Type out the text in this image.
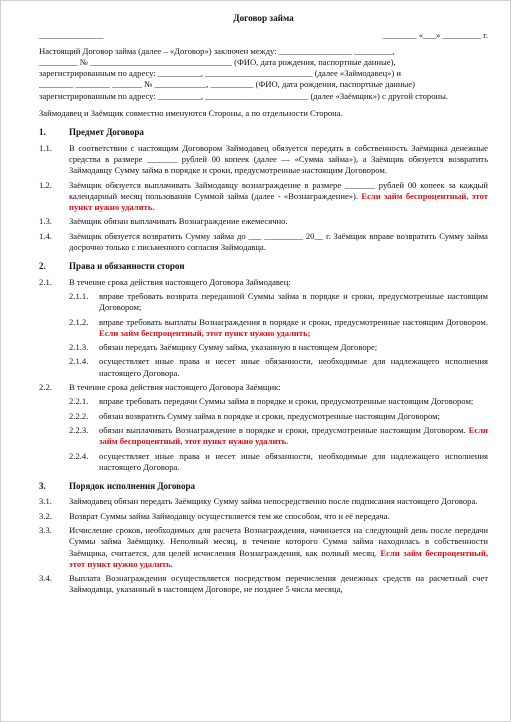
Договор займа
_______________	________ «___» _________ г.

Настоящий Договор займа (далее – «Договор») заключен между: _________________ _________,

_________ № _________________________________ (ФИО, дата рождения, паспортные данные),

зарегистрированным по адресу: __________, _________________________ (далее «Займодавец») и

________ ________ _______ № ____________, __________ (ФИО, дата рождения, паспортные данные)

зарегистрированным по адресу: __________, ________________________ (далее «Заёмщик») с другой стороны.

Займодавец и Заёмщик совместно именуются Стороны, а по отдельности Сторона.

1.	Предмет Договора
1.1.	В соответствии с настоящим Договором Займодавец обязуется передать в собственность Заёмщика денежные средства в размере _______ рублей 00 копеек (далее — «Сумма займа»), а Заёмщик обязуется возвратить Займодавцу Сумму займа в порядке и сроки, предусмотренные настоящим Договором.
1.2.	Заёмщик обязуется выплачивать Займодавцу вознаграждение в размере _______ рублей 00 копеек за каждый календарный месяц пользования Суммой займа (далее - «Вознаграждение»). Если займ беспроцентный, этот пункт нужно удалить.
1.3.	Заёмщик обязан выплачивать Вознаграждение ежемесячно.
1.4.	Заёмщик обязуется возвратить Сумму займа до ___ _________ 20__ г. Заёмщик вправе возвратить Сумму займа досрочно только с письменного согласия Займодавца.
2.	Права и обязанности сторон
2.1.	В течение срока действия настоящего Договора Займодавец:
2.1.1.	вправе требовать возврата переданной Суммы займа в порядке и сроки, предусмотренные настоящим Договором;
2.1.2.	вправе требовать выплаты Вознаграждения в порядке и сроки, предусмотренные настоящим Договором. Если займ беспроцентный, этот пункт нужно удалить;
2.1.3.	обязан передать Заёмщику Сумму займа, указанную в настоящем Договоре;
2.1.4.	осуществляет иные права и несет иные обязанности, необходимые для надлежащего исполнения настоящего Договора.
2.2.	В течение срока действия настоящего Договора Заёмщик:
2.2.1.	вправе требовать передачи Суммы займа в порядке и сроки, предусмотренные настоящим Договором;
2.2.2.	обязан возвратить Сумму займа в порядке и сроки, предусмотренные настоящим Договором;
2.2.3.	обязан выплачивать Вознаграждение в порядке и сроки, предусмотренные настоящим Договором. Если займ беспроцентный, этот пункт нужно удалить.
2.2.4.	осуществляет иные права и несет иные обязанности, необходимые для надлежащего исполнения настоящего Договора.
3.	Порядок исполнения Договора
3.1.	Займодавец обязан передать Заёмщику Сумму займа непосредственно после подписания настоящего Договора.
3.2.	Возврат Суммы займа Займодавцу осуществляется тем же способом, что и её передача.
3.3.	Исчисление сроков, необходимых для расчета Вознаграждения, начинается на следующий день после передачи Суммы займа Заёмщику. Неполный месяц, в течение которого Сумма займа находилась в собственности Заёмщика, считается, для целей исчисления Вознаграждения, как полный месяц. Если займ беспроцентный, этот пункт нужно удалить.
3.4.	Выплата Вознаграждения осуществляется посредством перечисления денежных средств на расчетный счет Займодавца, указанный в настоящем Договоре, не позднее 5 числа месяца,
